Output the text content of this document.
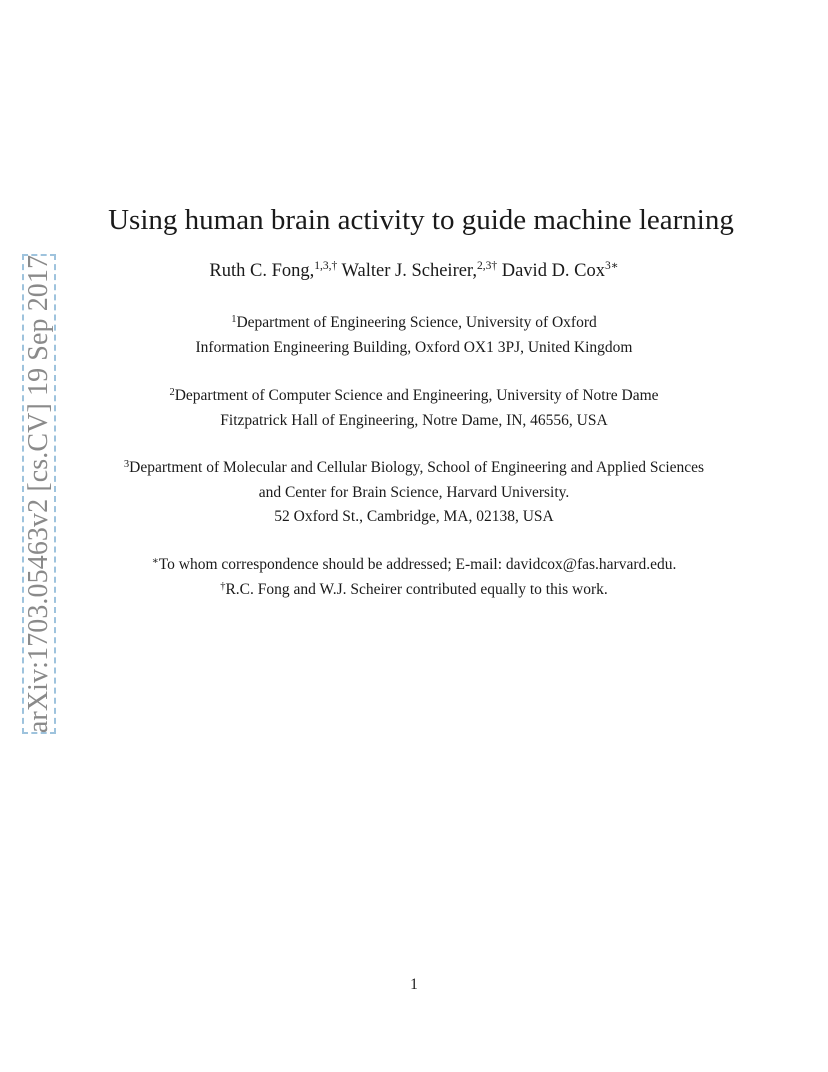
arXiv:1703.05463v2 [cs.CV] 19 Sep 2017
Using human brain activity to guide machine learning
Ruth C. Fong,$^{1,3,\dagger}$ Walter J. Scheirer,$^{2,3\dagger}$ David D. Cox$^{3∗}$
$^1$Department of Engineering Science, University of Oxford
Information Engineering Building, Oxford OX1 3PJ, United Kingdom
$^2$Department of Computer Science and Engineering, University of Notre Dame
Fitzpatrick Hall of Engineering, Notre Dame, IN, 46556, USA
$^3$Department of Molecular and Cellular Biology, School of Engineering and Applied Sciences
and Center for Brain Science, Harvard University.
52 Oxford St., Cambridge, MA, 02138, USA
∗To whom correspondence should be addressed; E-mail: davidcox@fas.harvard.edu.
†R.C. Fong and W.J. Scheirer contributed equally to this work.
1
